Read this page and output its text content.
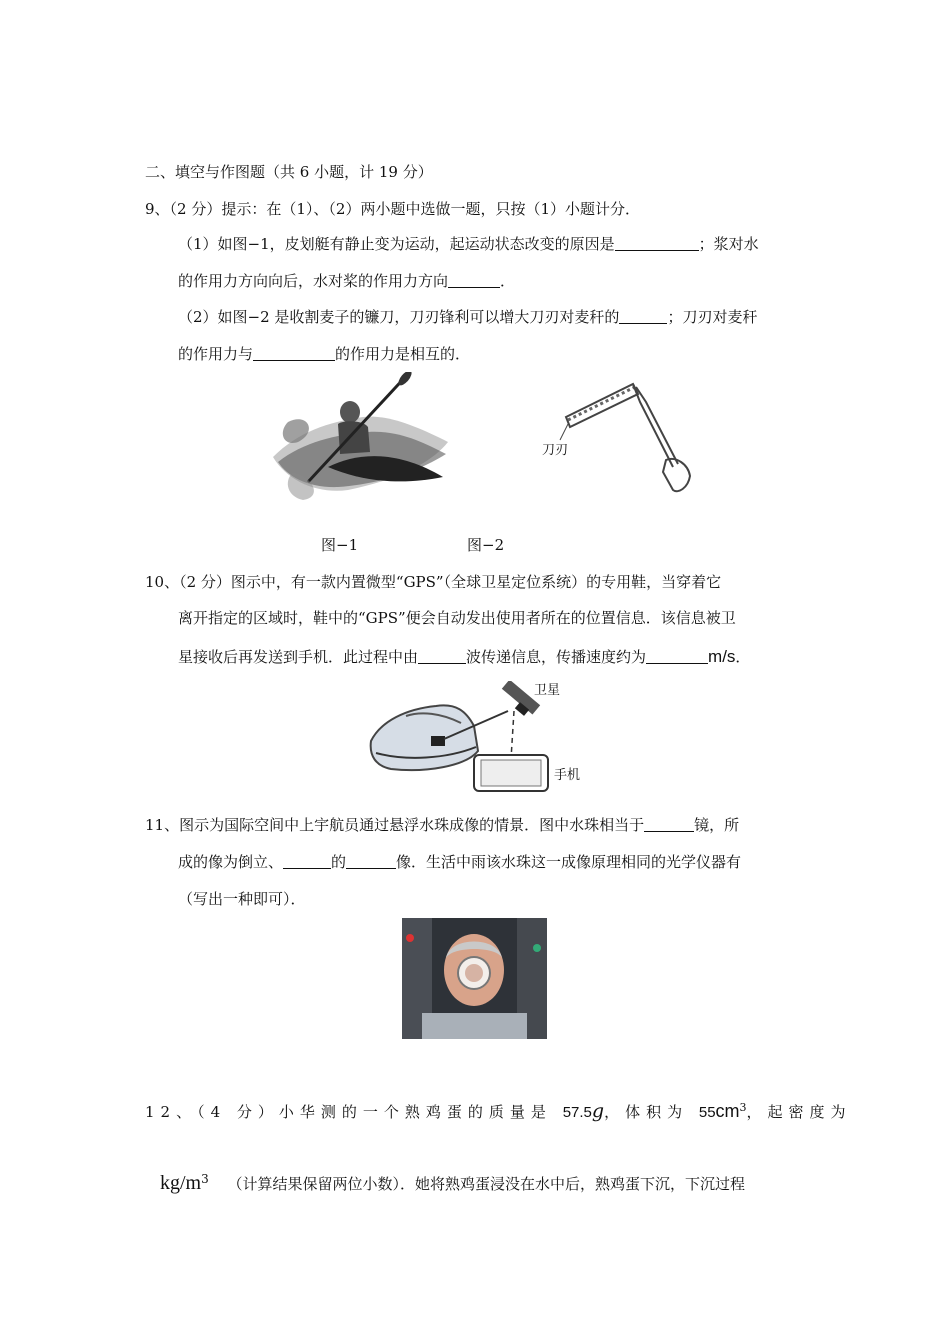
二、填空与作图题（共 6 小题，计 19 分）
9、（2 分）提示：在（1）、（2）两小题中选做一题，只按（1）小题计分．
（1）如图−1，皮划艇有静止变为运动，起运动状态改变的原因是	；浆对水
的作用力方向向后，水对桨的作用力方向	．
（2）如图−2 是收割麦子的镰刀，刀刃锋利可以增大刀刃对麦秆的	；刀刃对麦秆
的作用力与	的作用力是相互的．
刀刃
图−1	图−2
10、（2 分）图示中，有一款内置微型“GPS”（全球卫星定位系统）的专用鞋，当穿着它
离开指定的区域时，鞋中的“GPS”便会自动发出使用者所在的位置信息．该信息被卫
星接收后再发送到手机．此过程中由	波传递信息，传播速度约为	m/s．
卫星
手机
11、图示为国际空间中上宇航员通过悬浮水珠成像的情景．图中水珠相当于	镜，所
成的像为倒立、	的	像．生活中雨该水珠这一成像原理相同的光学仪器有
（写出一种即可）．
12、（4 分）小华测的一个熟鸡蛋的质量是 57.5g，体积为 $55cm^3$，起密度为
$kg/m^3$ （计算结果保留两位小数）．她将熟鸡蛋浸没在水中后，熟鸡蛋下沉，下沉过程
